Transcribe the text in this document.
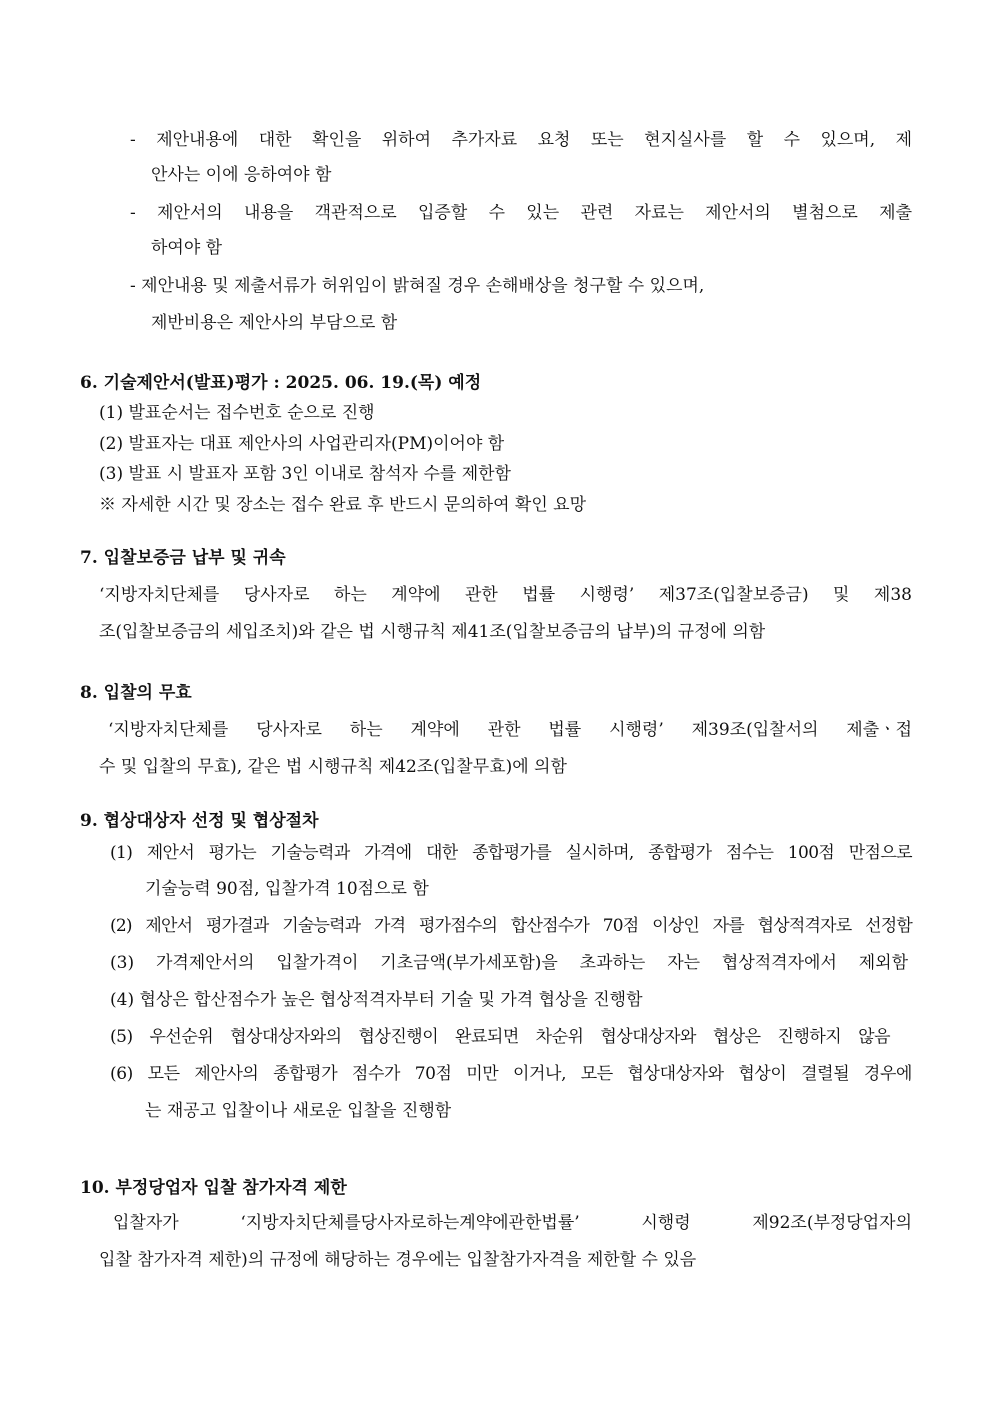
- 제안내용에 대한 확인을 위하여 추가자료 요청 또는 현지실사를 할 수 있으며, 제
안사는 이에 응하여야 함
- 제안서의 내용을 객관적으로 입증할 수 있는 관련 자료는 제안서의 별첨으로 제출
하여야 함
- 제안내용 및 제출서류가 허위임이 밝혀질 경우 손해배상을 청구할 수 있으며,
제반비용은 제안사의 부담으로 함
6. 기술제안서(발표)평가 : 2025. 06. 19.(목) 예정
(1) 발표순서는 접수번호 순으로 진행
(2) 발표자는 대표 제안사의 사업관리자(PM)이어야 함
(3) 발표 시 발표자 포함 3인 이내로 참석자 수를 제한함
※ 자세한 시간 및 장소는 접수 완료 후 반드시 문의하여 확인 요망
7. 입찰보증금 납부 및 귀속
‘지방자치단체를 당사자로 하는 계약에 관한 법률 시행령’ 제37조(입찰보증금) 및 제38
조(입찰보증금의 세입조치)와 같은 법 시행규칙 제41조(입찰보증금의 납부)의 규정에 의함
8. 입찰의 무효
‘지방자치단체를 당사자로 하는 계약에 관한 법률 시행령’ 제39조(입찰서의 제출ㆍ접
수 및 입찰의 무효), 같은 법 시행규칙 제42조(입찰무효)에 의함
9. 협상대상자 선정 및 협상절차
(1) 제안서 평가는 기술능력과 가격에 대한 종합평가를 실시하며, 종합평가 점수는 100점 만점으로
기술능력 90점, 입찰가격 10점으로 함
(2) 제안서 평가결과 기술능력과 가격 평가점수의 합산점수가 70점 이상인 자를 협상적격자로 선정함
(3) 가격제안서의 입찰가격이 기초금액(부가세포함)을 초과하는 자는 협상적격자에서 제외함
(4) 협상은 합산점수가 높은 협상적격자부터 기술 및 가격 협상을 진행함
(5) 우선순위 협상대상자와의 협상진행이 완료되면 차순위 협상대상자와 협상은 진행하지 않음
(6) 모든 제안사의 종합평가 점수가 70점 미만 이거나, 모든 협상대상자와 협상이 결렬될 경우에
는 재공고 입찰이나 새로운 입찰을 진행함
10. 부정당업자 입찰 참가자격 제한
입찰자가 ‘지방자치단체를당사자로하는계약에관한법률’ 시행령 제92조(부정당업자의
입찰 참가자격 제한)의 규정에 해당하는 경우에는 입찰참가자격을 제한할 수 있음
